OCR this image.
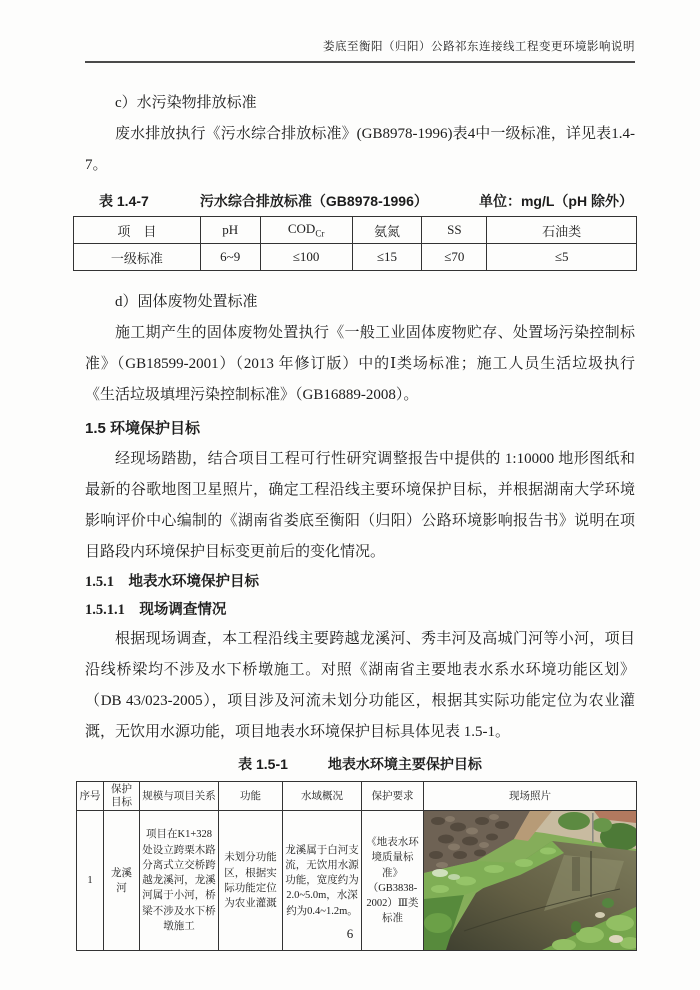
娄底至衡阳（归阳）公路祁东连接线工程变更环境影响说明
c）水污染物排放标准
废水排放执行《污水综合排放标准》(GB8978-1996)表4中一级标准，详见表1.4-7。
表 1.4-7	污水综合排放标准（GB8978-1996）	单位：mg/L（pH 除外）
项　目	pH	$COD_{Cr}$	氨氮	SS	石油类
一级标准	6~9	≤100	≤15	≤70	≤5
d）固体废物处置标准
施工期产生的固体废物处置执行《一般工业固体废物贮存、处置场污染控制标准》（GB18599-2001）（2013 年修订版）中的Ⅰ类场标准；施工人员生活垃圾执行《生活垃圾填埋污染控制标准》（GB16889-2008）。
1.5 环境保护目标
经现场踏勘，结合项目工程可行性研究调整报告中提供的 1:10000 地形图纸和最新的谷歌地图卫星照片，确定工程沿线主要环境保护目标，并根据湖南大学环境影响评价中心编制的《湖南省娄底至衡阳（归阳）公路环境影响报告书》说明在项目路段内环境保护目标变更前后的变化情况。
1.5.1　地表水环境保护目标
1.5.1.1　现场调查情况
根据现场调查，本工程沿线主要跨越龙溪河、秀丰河及高城门河等小河，项目沿线桥梁均不涉及水下桥墩施工。对照《湖南省主要地表水系水环境功能区划》（DB 43/023-2005），项目涉及河流未划分功能区，根据其实际功能定位为农业灌溉，无饮用水源功能，项目地表水环境保护目标具体见表 1.5-1。
表 1.5-1	地表水环境主要保护目标
序号	保护目标	规模与项目关系	功能	水域概况	保护要求	现场照片
1	龙溪河	项目在K1+328处设立跨栗木路分离式立交桥跨越龙溪河，龙溪河属于小河，桥梁不涉及水下桥墩施工	未划分功能区，根据实际功能定位为农业灌溉	龙溪属于白河支流，无饮用水源功能，宽度约为2.0~5.0m，水深约为0.4~1.2m。	《地表水环境质量标准》（GB3838-2002）Ⅲ类标准	
6
